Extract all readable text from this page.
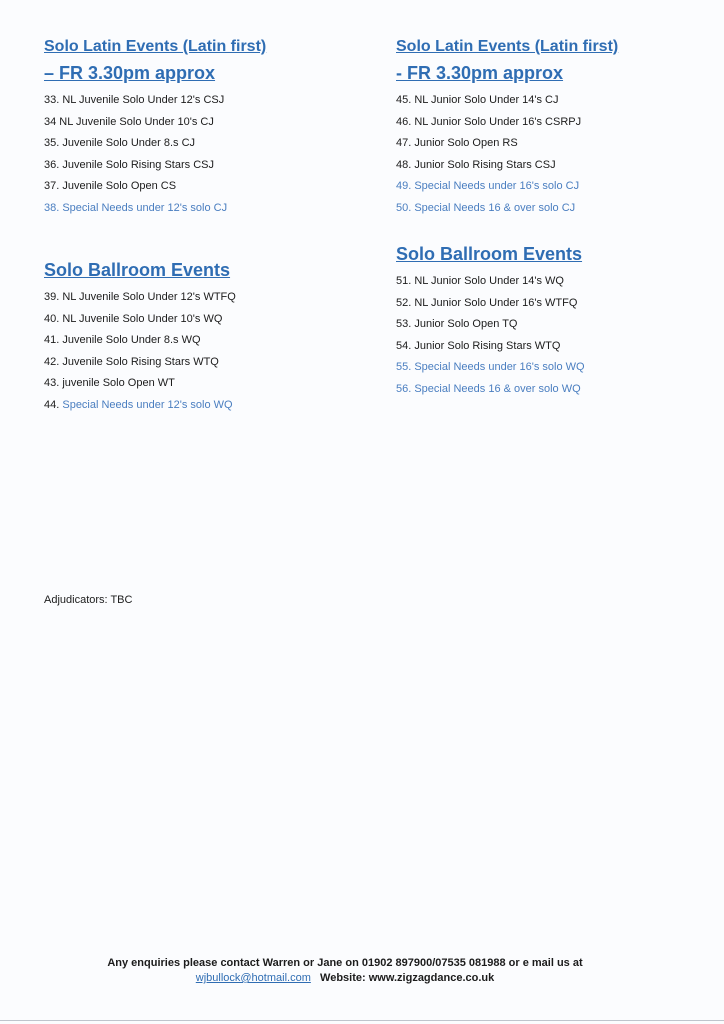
Solo Latin Events (Latin first)

– FR 3.30pm approx

33. NL Juvenile Solo Under 12's CSJ
34 NL Juvenile Solo Under 10's CJ
35. Juvenile Solo Under 8.s CJ
36. Juvenile Solo Rising Stars CSJ
37. Juvenile Solo Open CS
38. Special Needs under 12's solo CJ

Solo Ballroom Events

39. NL Juvenile Solo Under 12's WTFQ
40. NL Juvenile Solo Under 10's WQ
41. Juvenile Solo Under 8.s WQ
42. Juvenile Solo Rising Stars WTQ
43. juvenile Solo Open WT
44. Special Needs under 12's solo WQ

Solo Latin Events (Latin first)

- FR 3.30pm approx

45. NL Junior Solo Under 14's CJ
46. NL Junior Solo Under 16's CSRPJ
47. Junior Solo Open RS
48. Junior Solo Rising Stars CSJ
49. Special Needs under 16's solo CJ
50. Special Needs 16 & over solo CJ

Solo Ballroom Events

51. NL Junior Solo Under 14's WQ
52. NL Junior Solo Under 16's WTFQ
53. Junior Solo Open TQ
54. Junior Solo Rising Stars WTQ
55. Special Needs under 16's solo WQ
56. Special Needs 16 & over solo WQ
Adjudicators: TBC
Any enquiries please contact Warren or Jane on 01902 897900/07535 081988 or e mail us at
wjbullock@hotmail.com Website: www.zigzagdance.co.uk
